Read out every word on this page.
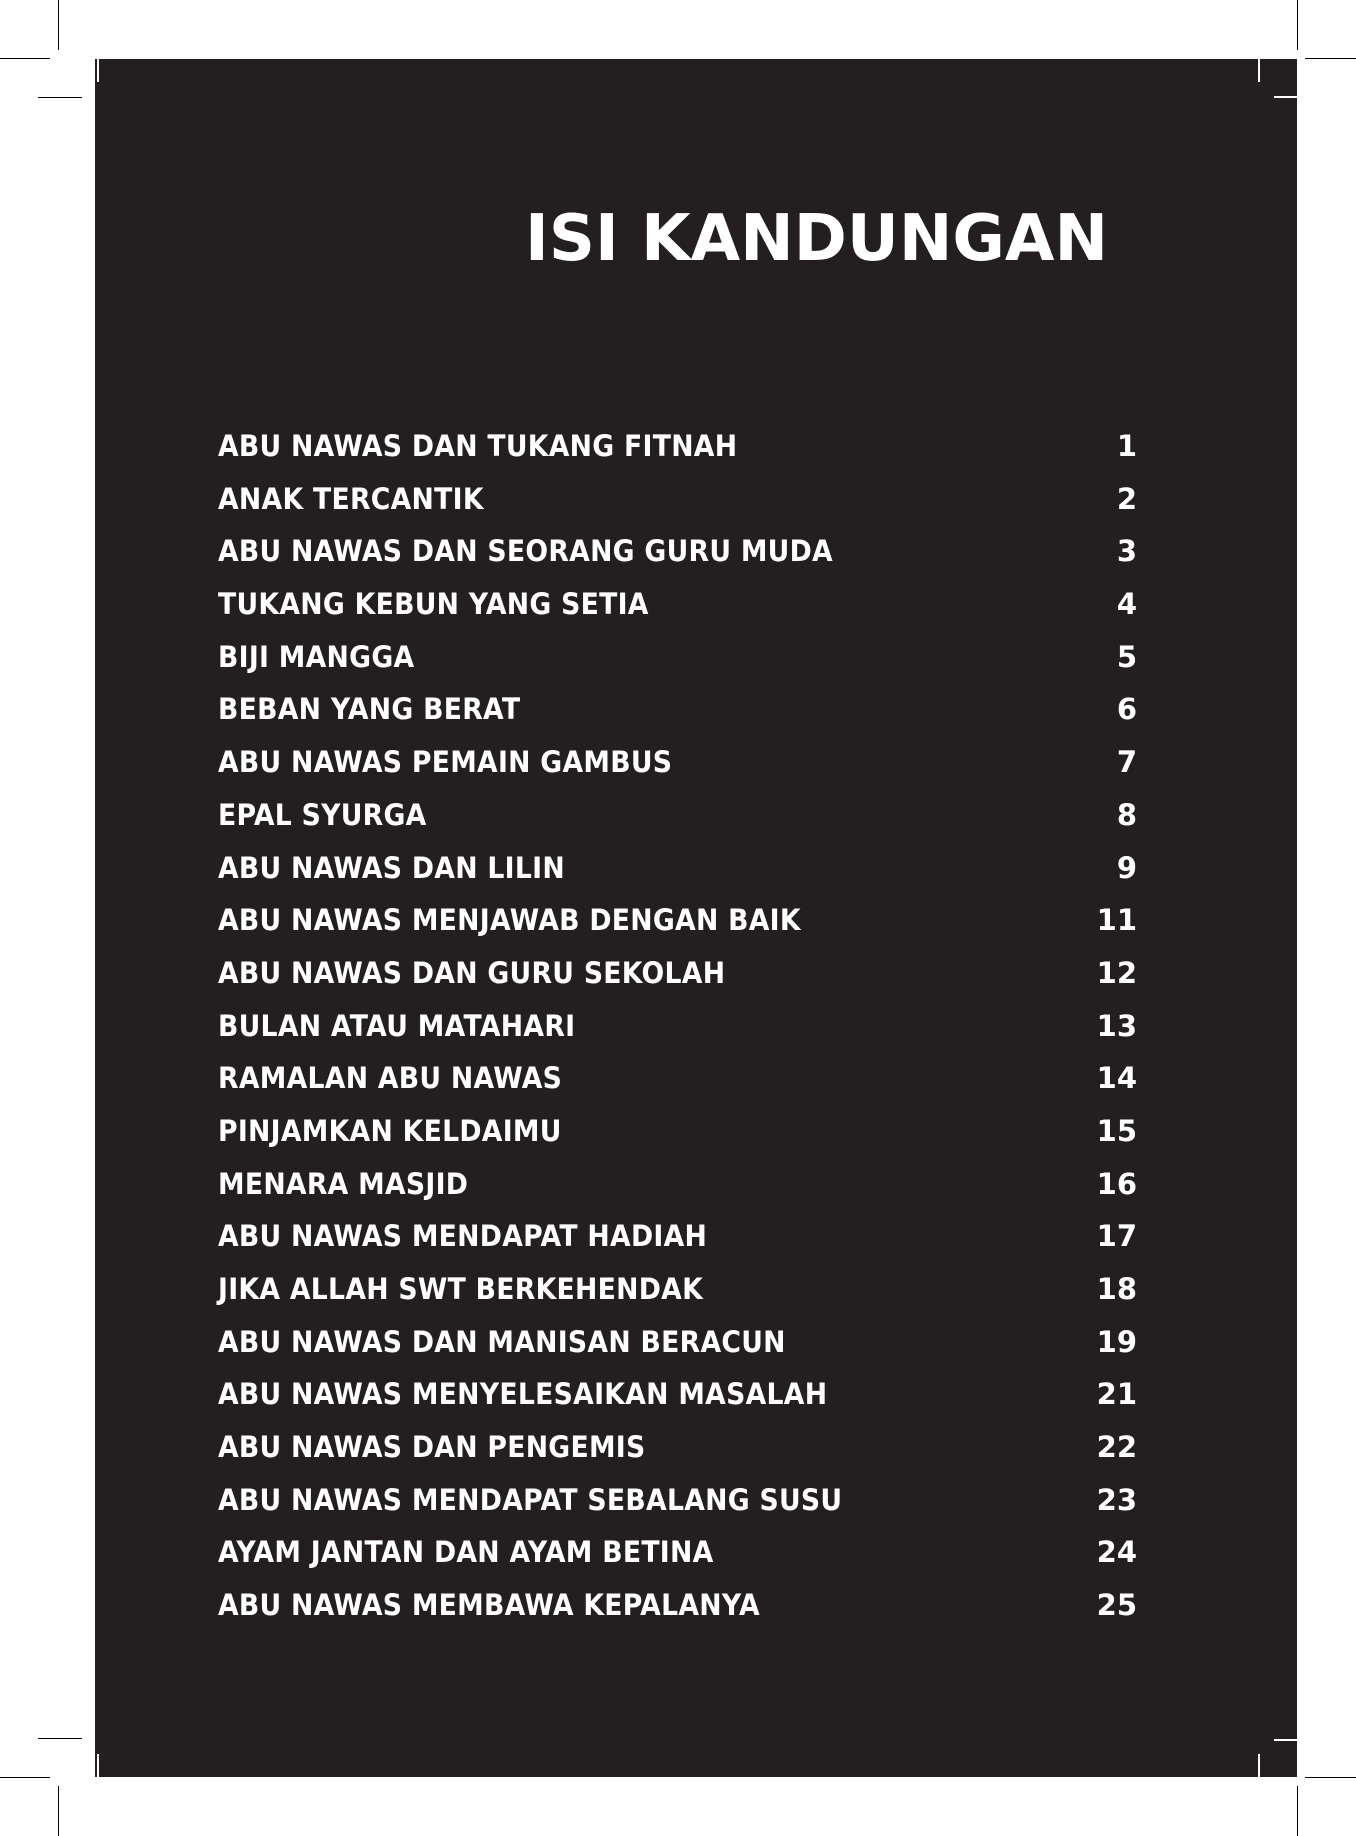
ISI KANDUNGAN
ABU NAWAS DAN TUKANG FITNAH	1
ANAK TERCANTIK	2
ABU NAWAS DAN SEORANG GURU MUDA	3
TUKANG KEBUN YANG SETIA	4
BIJI MANGGA	5
BEBAN YANG BERAT	6
ABU NAWAS PEMAIN GAMBUS	7
EPAL SYURGA	8
ABU NAWAS DAN LILIN	9
ABU NAWAS MENJAWAB DENGAN BAIK	11
ABU NAWAS DAN GURU SEKOLAH	12
BULAN ATAU MATAHARI	13
RAMALAN ABU NAWAS	14
PINJAMKAN KELDAIMU	15
MENARA MASJID	16
ABU NAWAS MENDAPAT HADIAH	17
JIKA ALLAH SWT BERKEHENDAK	18
ABU NAWAS DAN MANISAN BERACUN	19
ABU NAWAS MENYELESAIKAN MASALAH	21
ABU NAWAS DAN PENGEMIS	22
ABU NAWAS MENDAPAT SEBALANG SUSU	23
AYAM JANTAN DAN AYAM BETINA	24
ABU NAWAS MEMBAWA KEPALANYA	25
